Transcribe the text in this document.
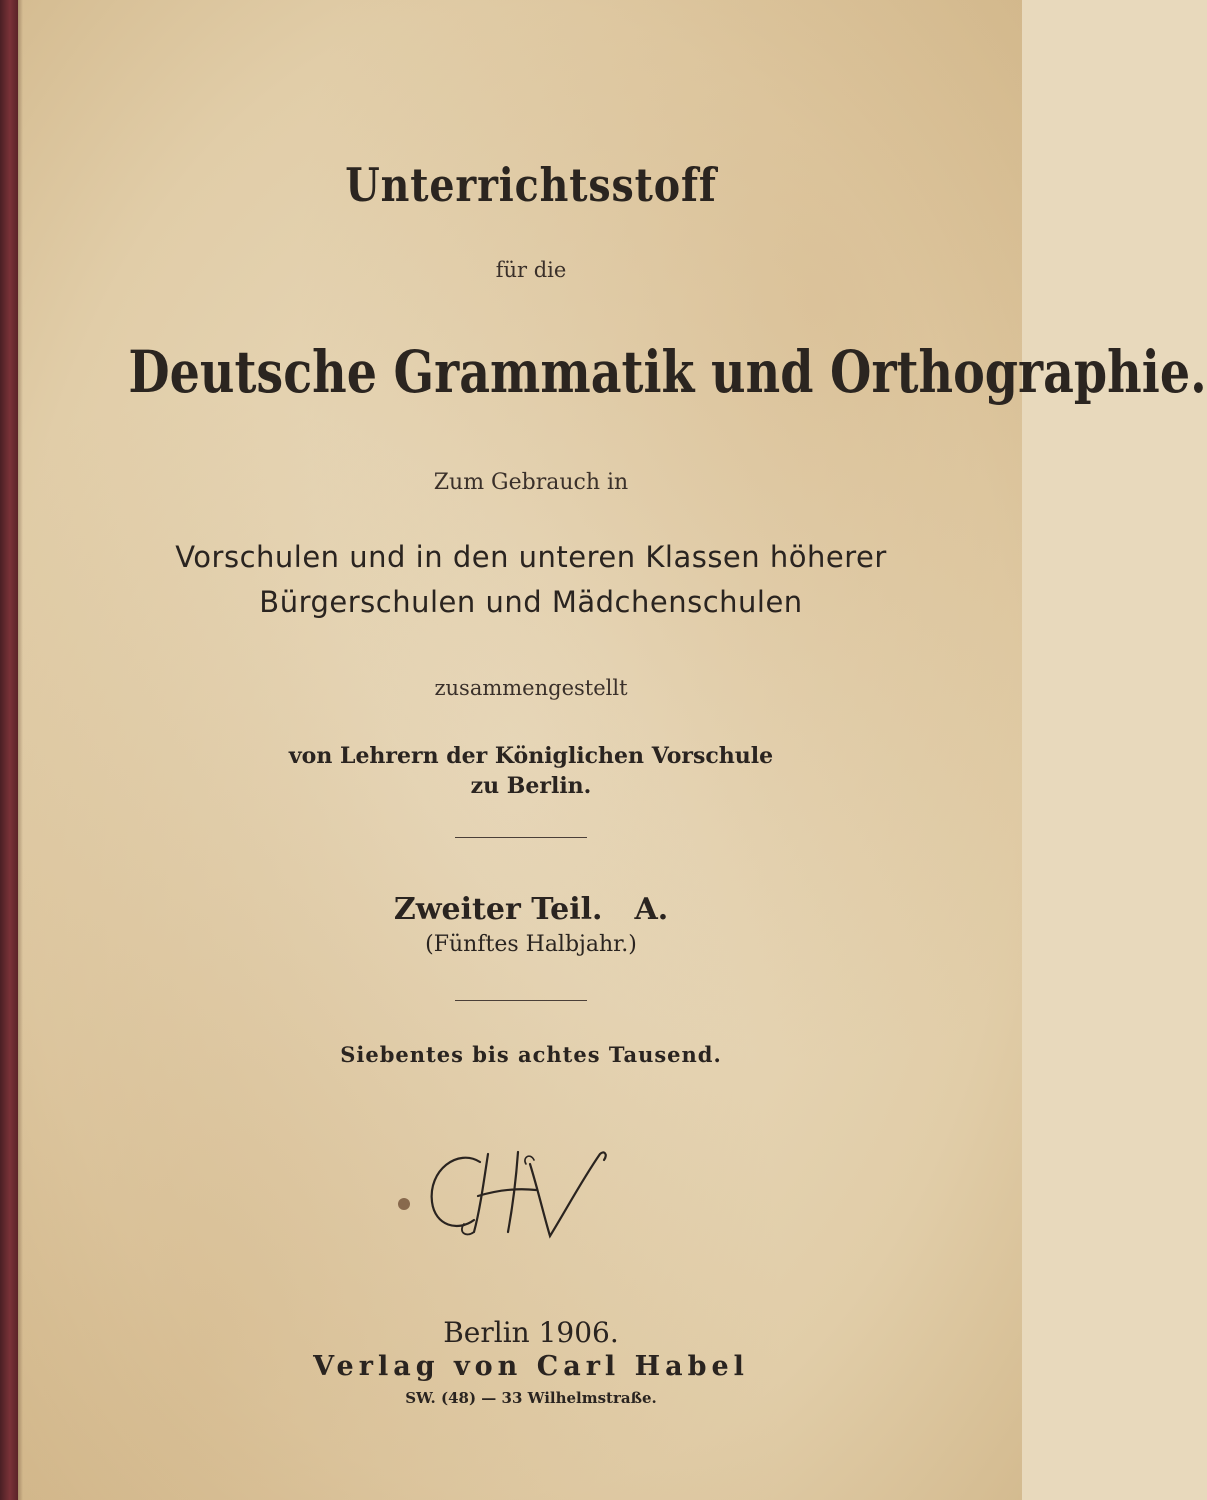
Unterrichtsstoff
für die
Deutsche Grammatik und Orthographie.
Zum Gebrauch in
Vorschulen und in den unteren Klassen höherer
Bürgerschulen und Mädchenschulen
zusammengestellt
von Lehrern der Königlichen Vorschule
zu Berlin.
Zweiter Teil. A.
(Fünftes Halbjahr.)
Siebentes bis achtes Tausend.
Berlin 1906.
Verlag von Carl Habel
SW. (48) — 33 Wilhelmstraße.
